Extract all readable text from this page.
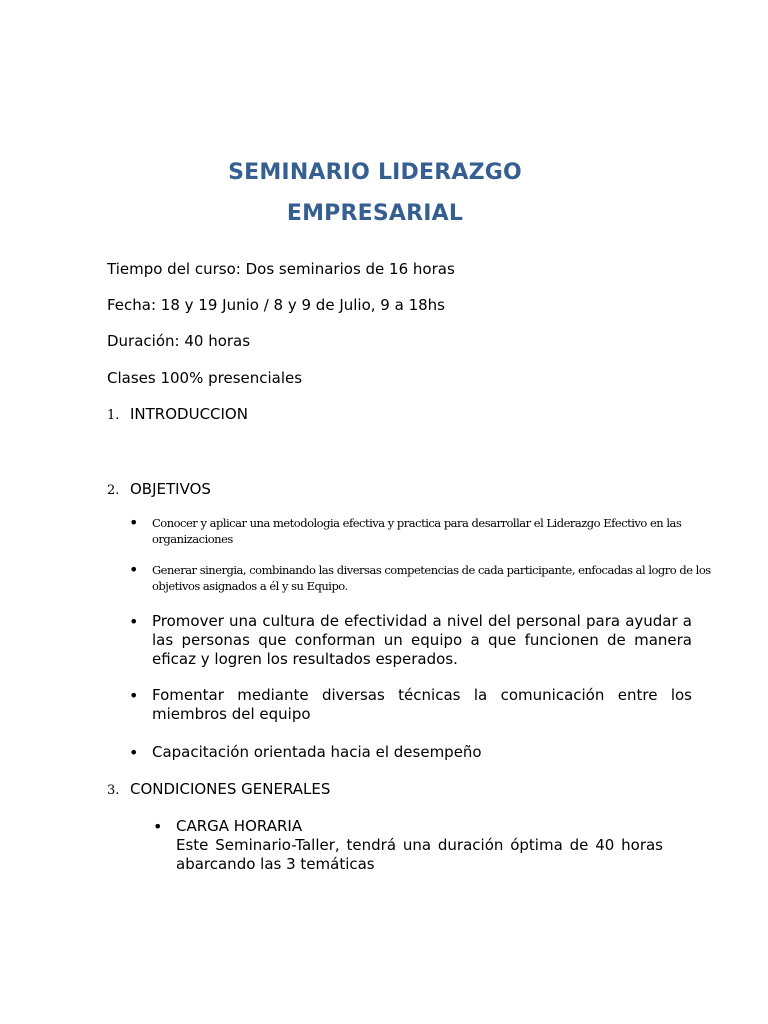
SEMINARIO LIDERAZGO
EMPRESARIAL
Tiempo del curso: Dos seminarios de 16 horas
Fecha: 18 y 19 Junio / 8 y 9 de Julio, 9 a 18hs
Duración: 40 horas
Clases 100% presenciales
1. INTRODUCCION
2. OBJETIVOS
• Conocer y aplicar una metodologia efectiva y practica para desarrollar el Liderazgo Efectivo en las organizaciones
• Generar sinergia, combinando las diversas competencias de cada participante, enfocadas al logro de los objetivos asignados a él y su Equipo.
• Promover una cultura de efectividad a nivel del personal para ayudar a las personas que conforman un equipo a que funcionen de manera eficaz y logren los resultados esperados.
• Fomentar mediante diversas técnicas la comunicación entre los miembros del equipo
• Capacitación orientada hacia el desempeño
3. CONDICIONES GENERALES
• CARGA HORARIA
Este Seminario-Taller, tendrá una duración óptima de 40 horas abarcando las 3 temáticas
